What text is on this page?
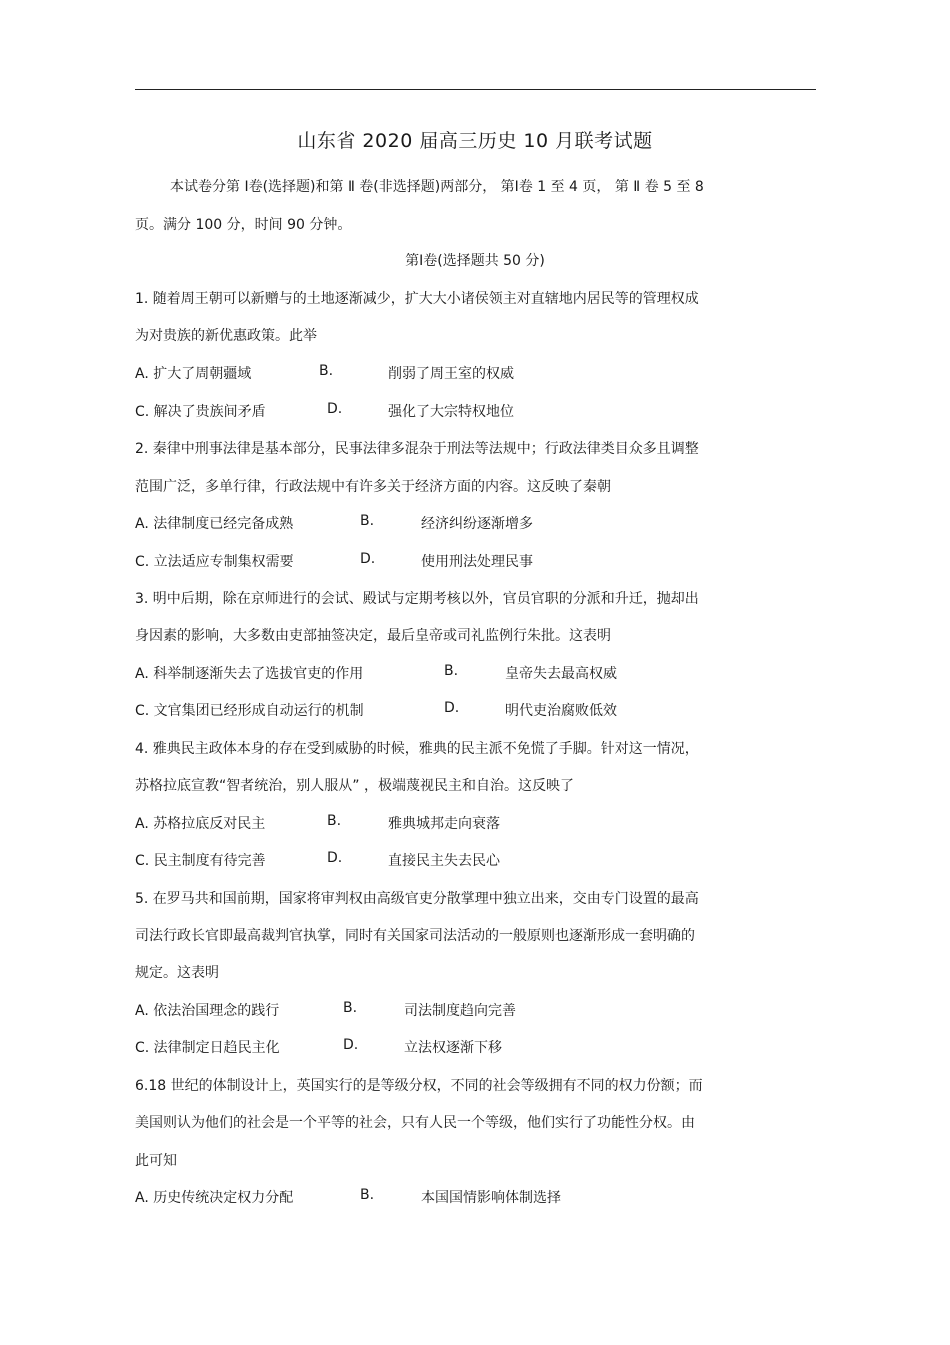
山东省 2020 届高三历史 10 月联考试题
本试卷分第 Ⅰ卷(选择题)和第 Ⅱ 卷(非选择题)两部分， 第Ⅰ卷 1 至 4 页， 第 Ⅱ 卷 5 至 8
页。满分 100 分，时间 90 分钟。
第Ⅰ卷(选择题共 50 分)
1. 随着周王朝可以新赠与的土地逐渐减少，扩大大小诸侯领主对直辖地内居民等的管理权成
为对贵族的新优惠政策。此举
A. 扩大了周朝疆域	B.	削弱了周王室的权威
C. 解决了贵族间矛盾	D.	强化了大宗特权地位
2. 秦律中刑事法律是基本部分，民事法律多混杂于刑法等法规中；行政法律类目众多且调整
范围广泛，多单行律，行政法规中有许多关于经济方面的内容。这反映了秦朝
A. 法律制度已经完备成熟	B.	经济纠纷逐渐增多
C. 立法适应专制集权需要	D.	使用刑法处理民事
3. 明中后期，除在京师进行的会试、殿试与定期考核以外，官员官职的分派和升迁，抛却出
身因素的影响，大多数由吏部抽签决定，最后皇帝或司礼监例行朱批。这表明
A. 科举制逐渐失去了选拔官吏的作用	B.	皇帝失去最高权威
C. 文官集团已经形成自动运行的机制	D.	明代吏治腐败低效
4. 雅典民主政体本身的存在受到威胁的时候，雅典的民主派不免慌了手脚。针对这一情况，
苏格拉底宣教“智者统治，别人服从” ，极端蔑视民主和自治。这反映了
A. 苏格拉底反对民主	B.	雅典城邦走向衰落
C. 民主制度有待完善	D.	直接民主失去民心
5. 在罗马共和国前期，国家将审判权由高级官吏分散掌理中独立出来，交由专门设置的最高
司法行政长官即最高裁判官执掌，同时有关国家司法活动的一般原则也逐渐形成一套明确的
规定。这表明
A. 依法治国理念的践行	B.	司法制度趋向完善
C. 法律制定日趋民主化	D.	立法权逐渐下移
6.18 世纪的体制设计上，英国实行的是等级分权，不同的社会等级拥有不同的权力份额；而
美国则认为他们的社会是一个平等的社会，只有人民一个等级，他们实行了功能性分权。由
此可知
A. 历史传统决定权力分配	B.	本国国情影响体制选择
